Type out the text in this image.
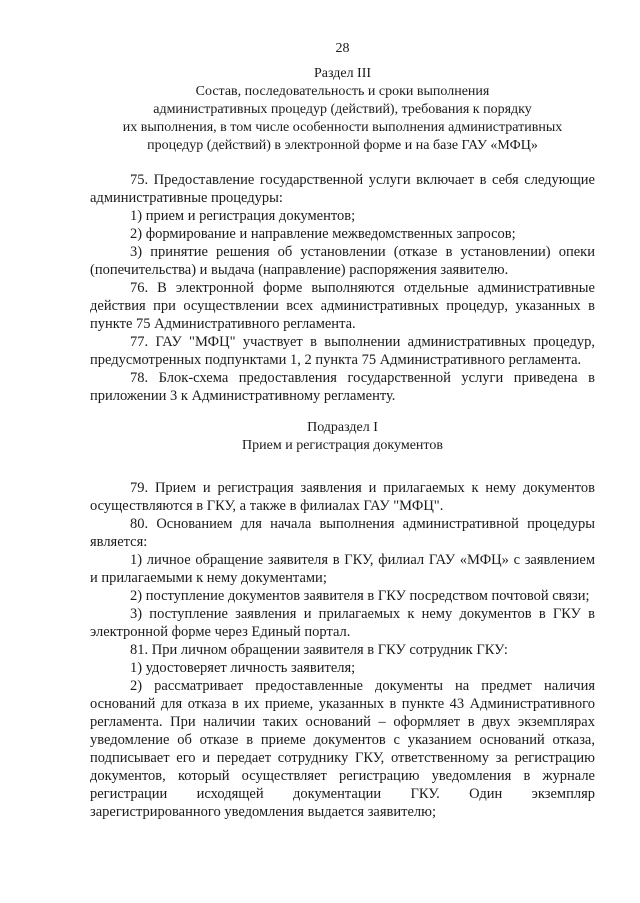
28

Раздел III

Состав, последовательность и сроки выполнения

административных процедур (действий), требования к порядку

их выполнения, в том числе особенности выполнения административных

процедур (действий) в электронной форме и на базе ГАУ «МФЦ»

75. Предоставление государственной услуги включает в себя следующие административные процедуры:

1) прием и регистрация документов;

2) формирование и направление межведомственных запросов;

3) принятие решения об установлении (отказе в установлении) опеки (попечительства) и выдача (направление) распоряжения заявителю.

76. В электронной форме выполняются отдельные административные действия при осуществлении всех административных процедур, указанных в пункте 75 Административного регламента.

77. ГАУ "МФЦ" участвует в выполнении административных процедур, предусмотренных подпунктами 1, 2 пункта 75 Административного регламента.

78. Блок-схема предоставления государственной услуги приведена в приложении 3 к Административному регламенту.

Подраздел I

Прием и регистрация документов

79. Прием и регистрация заявления и прилагаемых к нему документов осуществляются в ГКУ, а также в филиалах ГАУ "МФЦ".

80. Основанием для начала выполнения административной процедуры является:

1) личное обращение заявителя в ГКУ, филиал ГАУ «МФЦ» с заявлением и прилагаемыми к нему документами;

2) поступление документов заявителя в ГКУ посредством почтовой связи;

3) поступление заявления и прилагаемых к нему документов в ГКУ в электронной форме через Единый портал.

81. При личном обращении заявителя в ГКУ сотрудник ГКУ:

1) удостоверяет личность заявителя;

2) рассматривает предоставленные документы на предмет наличия оснований для отказа в их приеме, указанных в пункте 43 Административного регламента. При наличии таких оснований – оформляет в двух экземплярах уведомление об отказе в приеме документов с указанием оснований отказа, подписывает его и передает сотруднику ГКУ, ответственному за регистрацию документов, который осуществляет регистрацию уведомления в журнале регистрации исходящей документации ГКУ. Один экземпляр зарегистрированного уведомления выдается заявителю;
